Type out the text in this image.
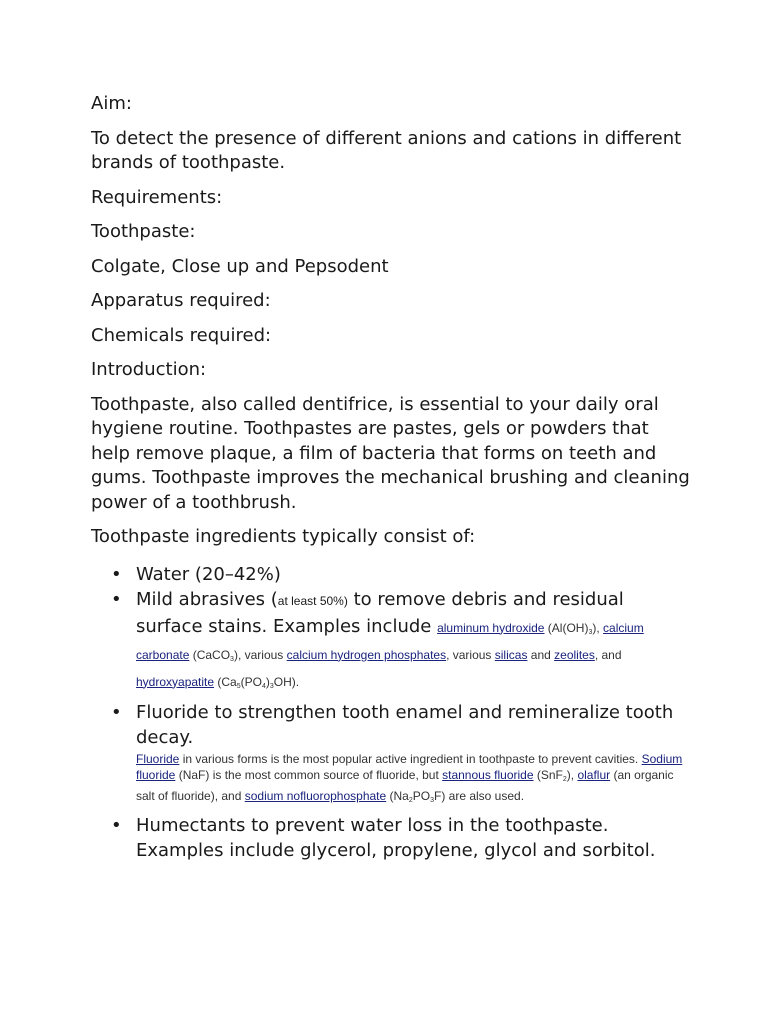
Aim:

To detect the presence of different anions and cations in different brands of toothpaste.

Requirements:

Toothpaste:

Colgate, Close up and Pepsodent

Apparatus required:

Chemicals required:

Introduction:

Toothpaste, also called dentifrice, is essential to your daily oral hygiene routine. Toothpastes are pastes, gels or powders that help remove plaque, a film of bacteria that forms on teeth and gums. Toothpaste improves the mechanical brushing and cleaning power of a toothbrush.

Toothpaste ingredients typically consist of:

• Water (20–42%)
• Mild abrasives (at least 50%) to remove debris and residual surface stains. Examples include aluminum hydroxide $(Al(OH)_3)$, calcium carbonate (CaCO$_3$), various calcium hydrogen phosphates, various silicas and zeolites, and hydroxyapatite $(Ca_5(PO_4)_3OH)$.
• Fluoride to strengthen tooth enamel and remineralize tooth decay.
Fluoride in various forms is the most popular active ingredient in toothpaste to prevent cavities. Sodium fluoride (NaF) is the most common source of fluoride, but stannous fluoride (SnF$_2$), olaflur (an organic salt of fluoride), and sodium nofluorophosphate $(Na_2PO_3F)$ are also used.
• Humectants to prevent water loss in the toothpaste. Examples include glycerol, propylene, glycol and sorbitol.
